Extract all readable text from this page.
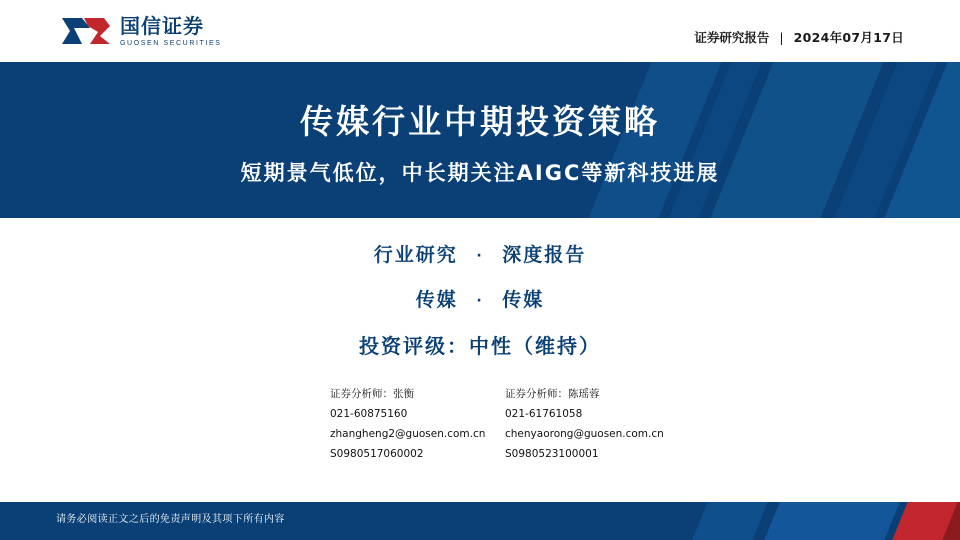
国信证券
GUOSEN SECURITIES	证券研究报告 | 2024年07月17日
传媒行业中期投资策略
短期景气低位，中长期关注AIGC等新科技进展
行业研究 · 深度报告
传媒 · 传媒
投资评级：中性（维持）
证券分析师：张衡
021-60875160
zhangheng2@guosen.com.cn
S0980517060002
证券分析师：陈瑶蓉
021-61761058
chenyaorong@guosen.com.cn
S0980523100001
请务必阅读正文之后的免责声明及其项下所有内容
